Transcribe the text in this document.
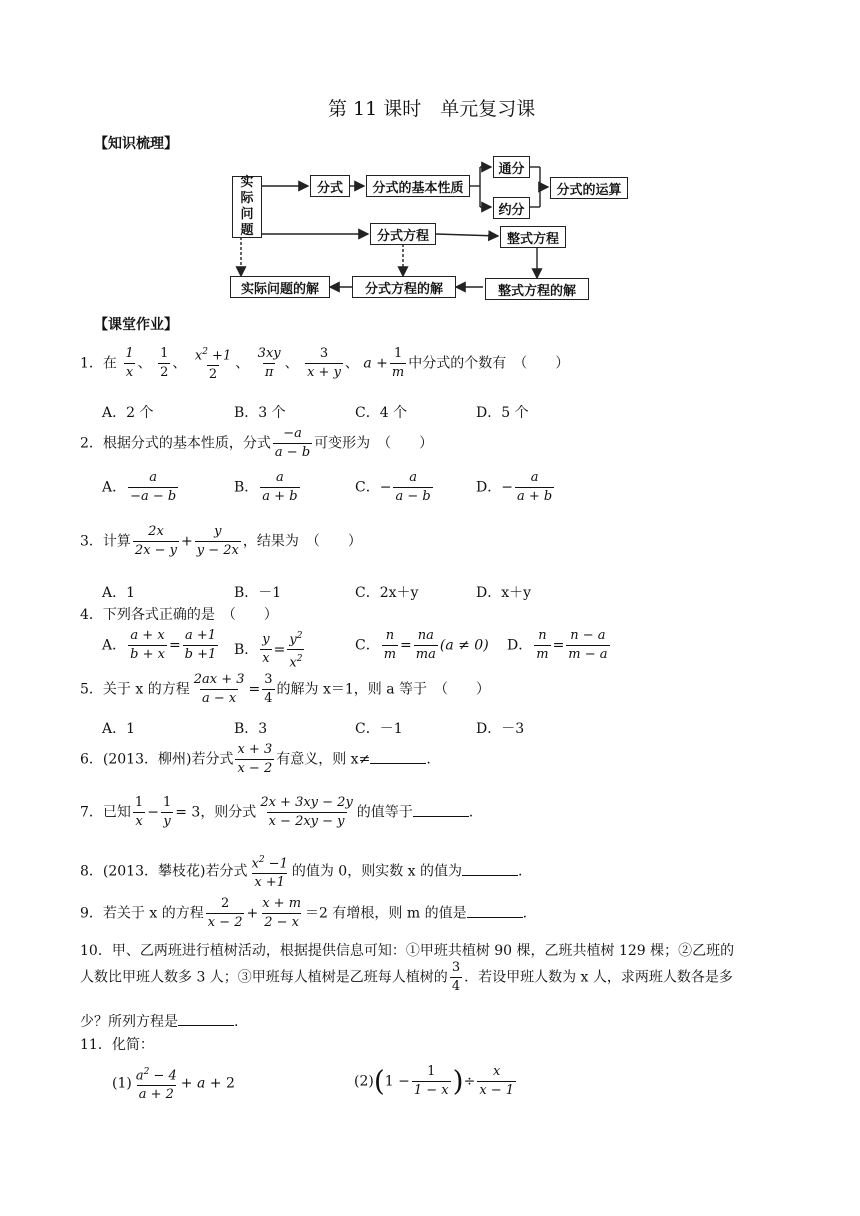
第 11 课时　单元复习课
【知识梳理】
实
际
问
题
分式	分式的基本性质
通分
约分
分式的运算
分式方程	整式方程
实际问题的解	分式方程的解	整式方程的解
【课堂作业】
1．在 $\frac{1}{x}$ 、 $\frac{1}{2}$ 、 $\frac{x^2 +1}{2}$ 、 $\frac{3xy}{\pi}$ 、 $\frac{3}{x + y}$ 、 $a + \frac{1}{m}$ 中分式的个数有　（　　）
A．2 个	B．3 个	C．4 个	D．5 个
2．根据分式的基本性质，分式 $\frac{-a}{a - b}$ 可变形为　（　　）
A． $\frac{a}{-a - b}$	B． $\frac{a}{a + b}$	C．− $\frac{a}{a - b}$	D．− $\frac{a}{a + b}$
3．计算 $\frac{2x}{2x - y} + \frac{y}{y - 2x}$ ，结果为　（　　）
A．1	B．－1	C．2x＋y	D．x＋y
4．下列各式正确的是　（　　）
A． $\frac{a + x}{b + x} = \frac{a +1}{b +1}$ B． $\frac{y}{x} = \frac{y^2}{x^2}$	C． $\frac{n}{m} = \frac{na}{ma} (a \ne 0)$ D． $\frac{n}{m} = \frac{n - a}{m - a}$
5．关于 x 的方程 $\frac{2ax + 3}{a - x} = \frac{3}{4}$ 的解为 x＝1，则 a 等于　（　　）
A．1	B．3	C．－1	D．－3
6．(2013．柳州)若分式 $\frac{x + 3}{x - 2}$ 有意义，则 x≠	.
7．已知 $\frac{1}{x} - \frac{1}{y} = 3$，则分式 $\frac{2x + 3xy - 2y}{x - 2xy - y}$ 的值等于	.
8．(2013．攀枝花)若分式 $\frac{x^2 -1}{x +1}$ 的值为 0，则实数 x 的值为	.
9．若关于 x 的方程 $\frac{2}{x - 2} + \frac{x + m}{2 - x} =2$ 有增根，则 m 的值是	.
10．甲、乙两班进行植树活动，根据提供信息可知：①甲班共植树 90 棵，乙班共植树 129 棵；②乙班的
人数比甲班人数多 3 人；③甲班每人植树是乙班每人植树的 $\frac{3}{4}$ ．若设甲班人数为 x 人，求两班人数各是多
少？所列方程是	.
11．化简：
$(1) \frac{a^2 - 4}{a + 2} + a + 2$	$(2)(1 - \frac{1}{1 - x}$ )÷ $\frac{x}{x - 1}$
